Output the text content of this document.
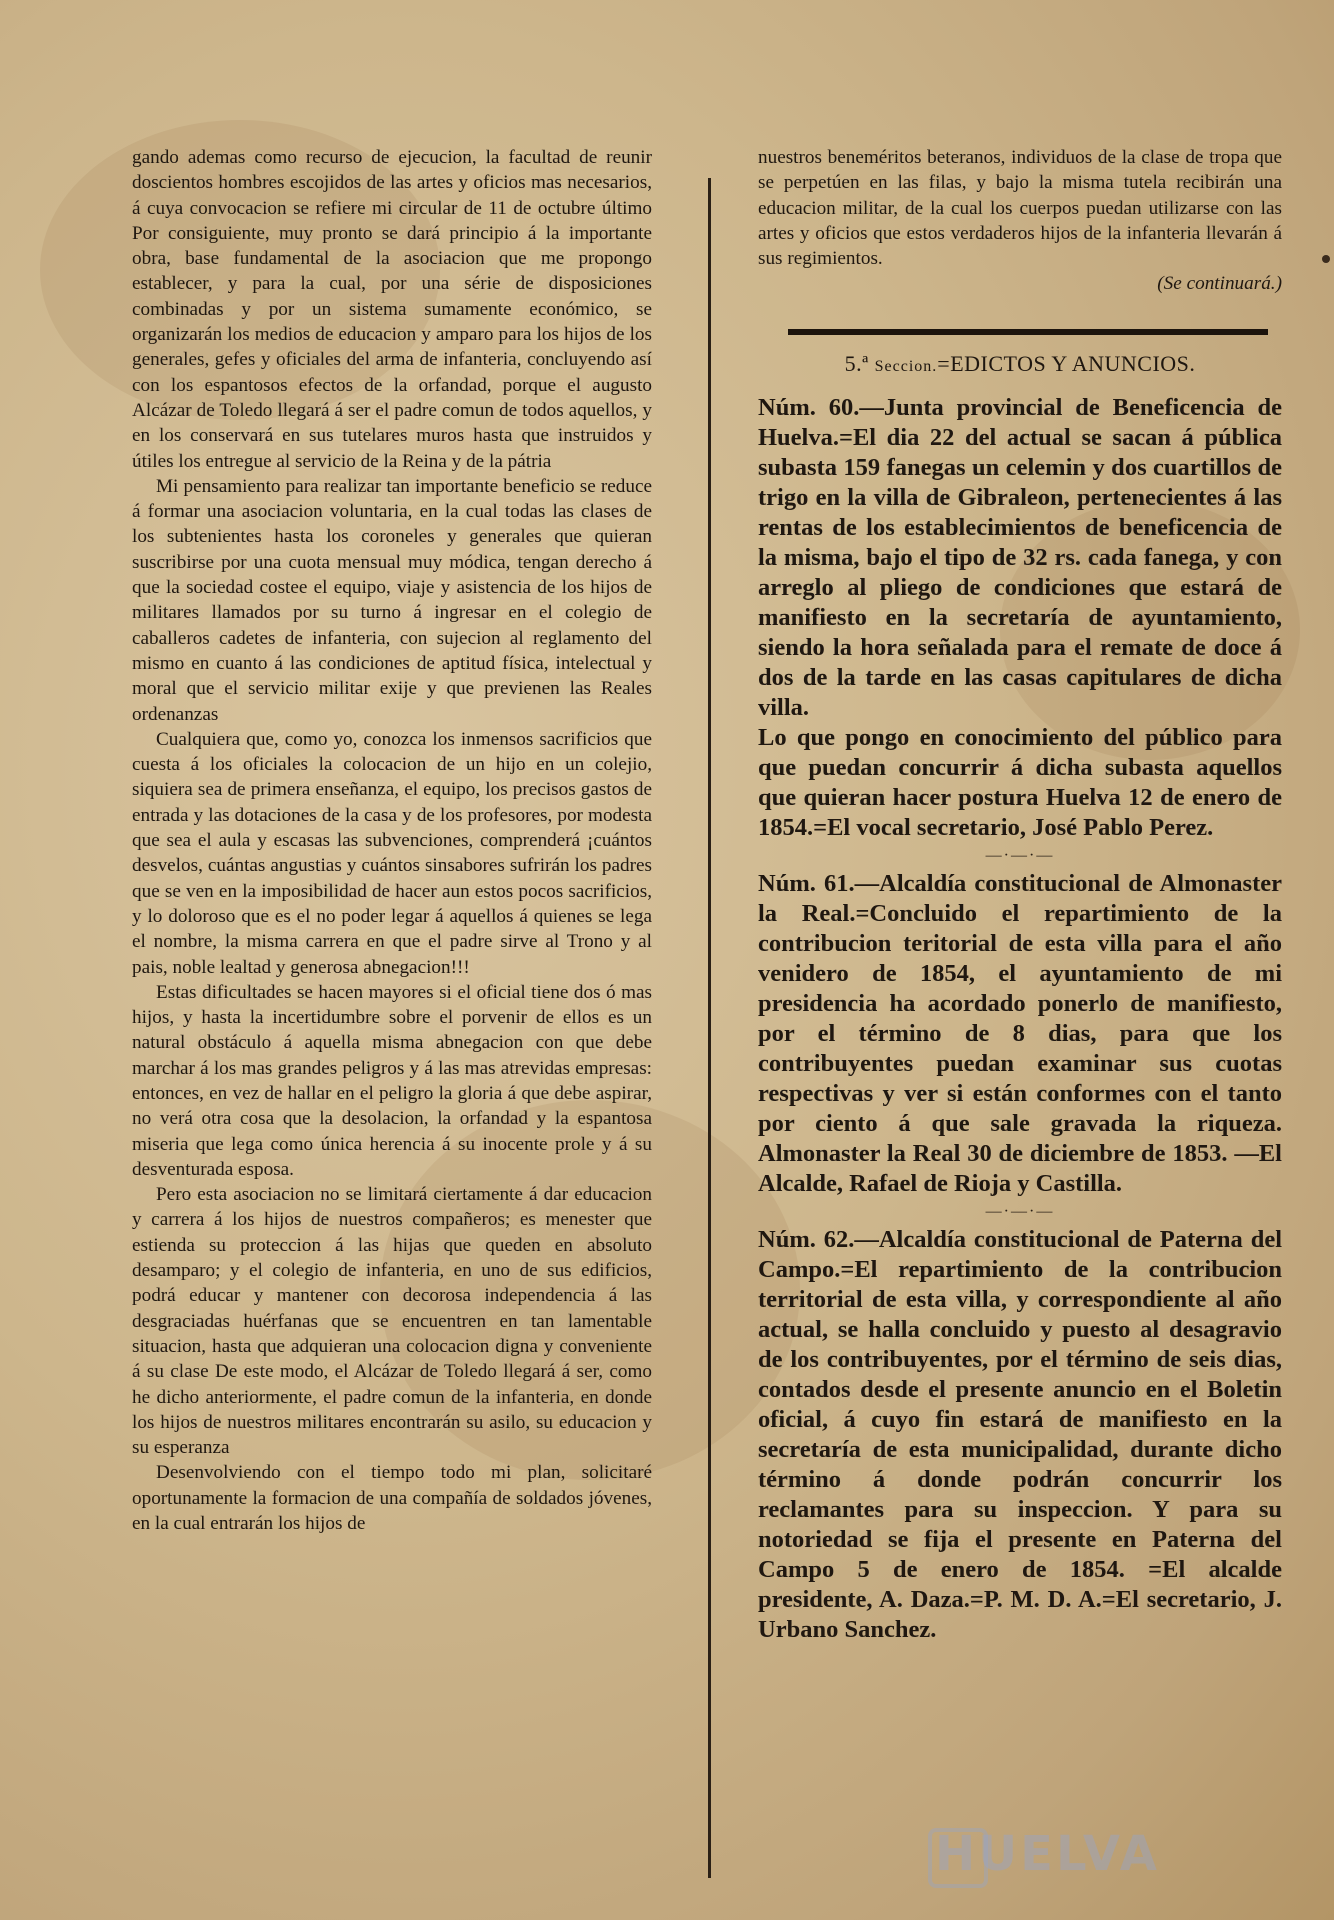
gando ademas como recurso de ejecucion, la facultad de reunir doscientos hombres escojidos de las artes y oficios mas necesarios, á cuya convocacion se refiere mi circular de 11 de octubre último Por consiguiente, muy pronto se dará principio á la importante obra, base fundamental de la asociacion que me propongo establecer, y para la cual, por una série de disposiciones combinadas y por un sistema sumamente económico, se organizarán los medios de educacion y amparo para los hijos de los generales, gefes y oficiales del arma de infanteria, concluyendo así con los espantosos efectos de la orfandad, porque el augusto Alcázar de Toledo llegará á ser el padre comun de todos aquellos, y en los conservará en sus tutelares muros hasta que instruidos y útiles los entregue al servicio de la Reina y de la pátria

Mi pensamiento para realizar tan importante beneficio se reduce á formar una asociacion voluntaria, en la cual todas las clases de los subtenientes hasta los coroneles y generales que quieran suscribirse por una cuota mensual muy módica, tengan derecho á que la sociedad costee el equipo, viaje y asistencia de los hijos de militares llamados por su turno á ingresar en el colegio de caballeros cadetes de infanteria, con sujecion al reglamento del mismo en cuanto á las condiciones de aptitud física, intelectual y moral que el servicio militar exije y que previenen las Reales ordenanzas

Cualquiera que, como yo, conozca los inmensos sacrificios que cuesta á los oficiales la colocacion de un hijo en un colejio, siquiera sea de primera enseñanza, el equipo, los precisos gastos de entrada y las dotaciones de la casa y de los profesores, por modesta que sea el aula y escasas las subvenciones, comprenderá ¡cuántos desvelos, cuántas angustias y cuántos sinsabores sufrirán los padres que se ven en la imposibilidad de hacer aun estos pocos sacrificios, y lo doloroso que es el no poder legar á aquellos á quienes se lega el nombre, la misma carrera en que el padre sirve al Trono y al pais, noble lealtad y generosa abnegacion!!!

Estas dificultades se hacen mayores si el oficial tiene dos ó mas hijos, y hasta la incertidumbre sobre el porvenir de ellos es un natural obstáculo á aquella misma abnegacion con que debe marchar á los mas grandes peligros y á las mas atrevidas empresas: entonces, en vez de hallar en el peligro la gloria á que debe aspirar, no verá otra cosa que la desolacion, la orfandad y la espantosa miseria que lega como única herencia á su inocente prole y á su desventurada esposa.

Pero esta asociacion no se limitará ciertamente á dar educacion y carrera á los hijos de nuestros compañeros; es menester que estienda su proteccion á las hijas que queden en absoluto desamparo; y el colegio de infanteria, en uno de sus edificios, podrá educar y mantener con decorosa independencia á las desgraciadas huérfanas que se encuentren en tan lamentable situacion, hasta que adquieran una colocacion digna y conveniente á su clase De este modo, el Alcázar de Toledo llegará á ser, como he dicho anteriormente, el padre comun de la infanteria, en donde los hijos de nuestros militares encontrarán su asilo, su educacion y su esperanza

Desenvolviendo con el tiempo todo mi plan, solicitaré oportunamente la formacion de una compañía de soldados jóvenes, en la cual entrarán los hijos de

nuestros beneméritos beteranos, individuos de la clase de tropa que se perpetúen en las filas, y bajo la misma tutela recibirán una educacion militar, de la cual los cuerpos puedan utilizarse con las artes y oficios que estos verdaderos hijos de la infanteria llevarán á sus regimientos.

(Se continuará.)

5.ª Seccion.=EDICTOS Y ANUNCIOS.

Núm. 60.—Junta provincial de Beneficencia de Huelva.=El dia 22 del actual se sacan á pública subasta 159 fanegas un celemin y dos cuartillos de trigo en la villa de Gibraleon, pertenecientes á las rentas de los establecimientos de beneficencia de la misma, bajo el tipo de 32 rs. cada fanega, y con arreglo al pliego de condiciones que estará de manifiesto en la secretaría de ayuntamiento, siendo la hora señalada para el remate de doce á dos de la tarde en las casas capitulares de dicha villa.

Lo que pongo en conocimiento del público para que puedan concurrir á dicha subasta aquellos que quieran hacer postura Huelva 12 de enero de 1854.=El vocal secretario, José Pablo Perez.

—·—·—

Núm. 61.—Alcaldía constitucional de Almonaster la Real.=Concluido el repartimiento de la contribucion teritorial de esta villa para el año venidero de 1854, el ayuntamiento de mi presidencia ha acordado ponerlo de manifiesto, por el término de 8 dias, para que los contribuyentes puedan examinar sus cuotas respectivas y ver si están conformes con el tanto por ciento á que sale gravada la riqueza. Almonaster la Real 30 de diciembre de 1853. —El Alcalde, Rafael de Rioja y Castilla.

—·—·—

Núm. 62.—Alcaldía constitucional de Paterna del Campo.=El repartimiento de la contribucion territorial de esta villa, y correspondiente al año actual, se halla concluido y puesto al desagravio de los contribuyentes, por el término de seis dias, contados desde el presente anuncio en el Boletin oficial, á cuyo fin estará de manifiesto en la secretaría de esta municipalidad, durante dicho término á donde podrán concurrir los reclamantes para su inspeccion. Y para su notoriedad se fija el presente en Paterna del Campo 5 de enero de 1854. =El alcalde presidente, A. Daza.=P. M. D. A.=El secretario, J. Urbano Sanchez.

HUELVA
